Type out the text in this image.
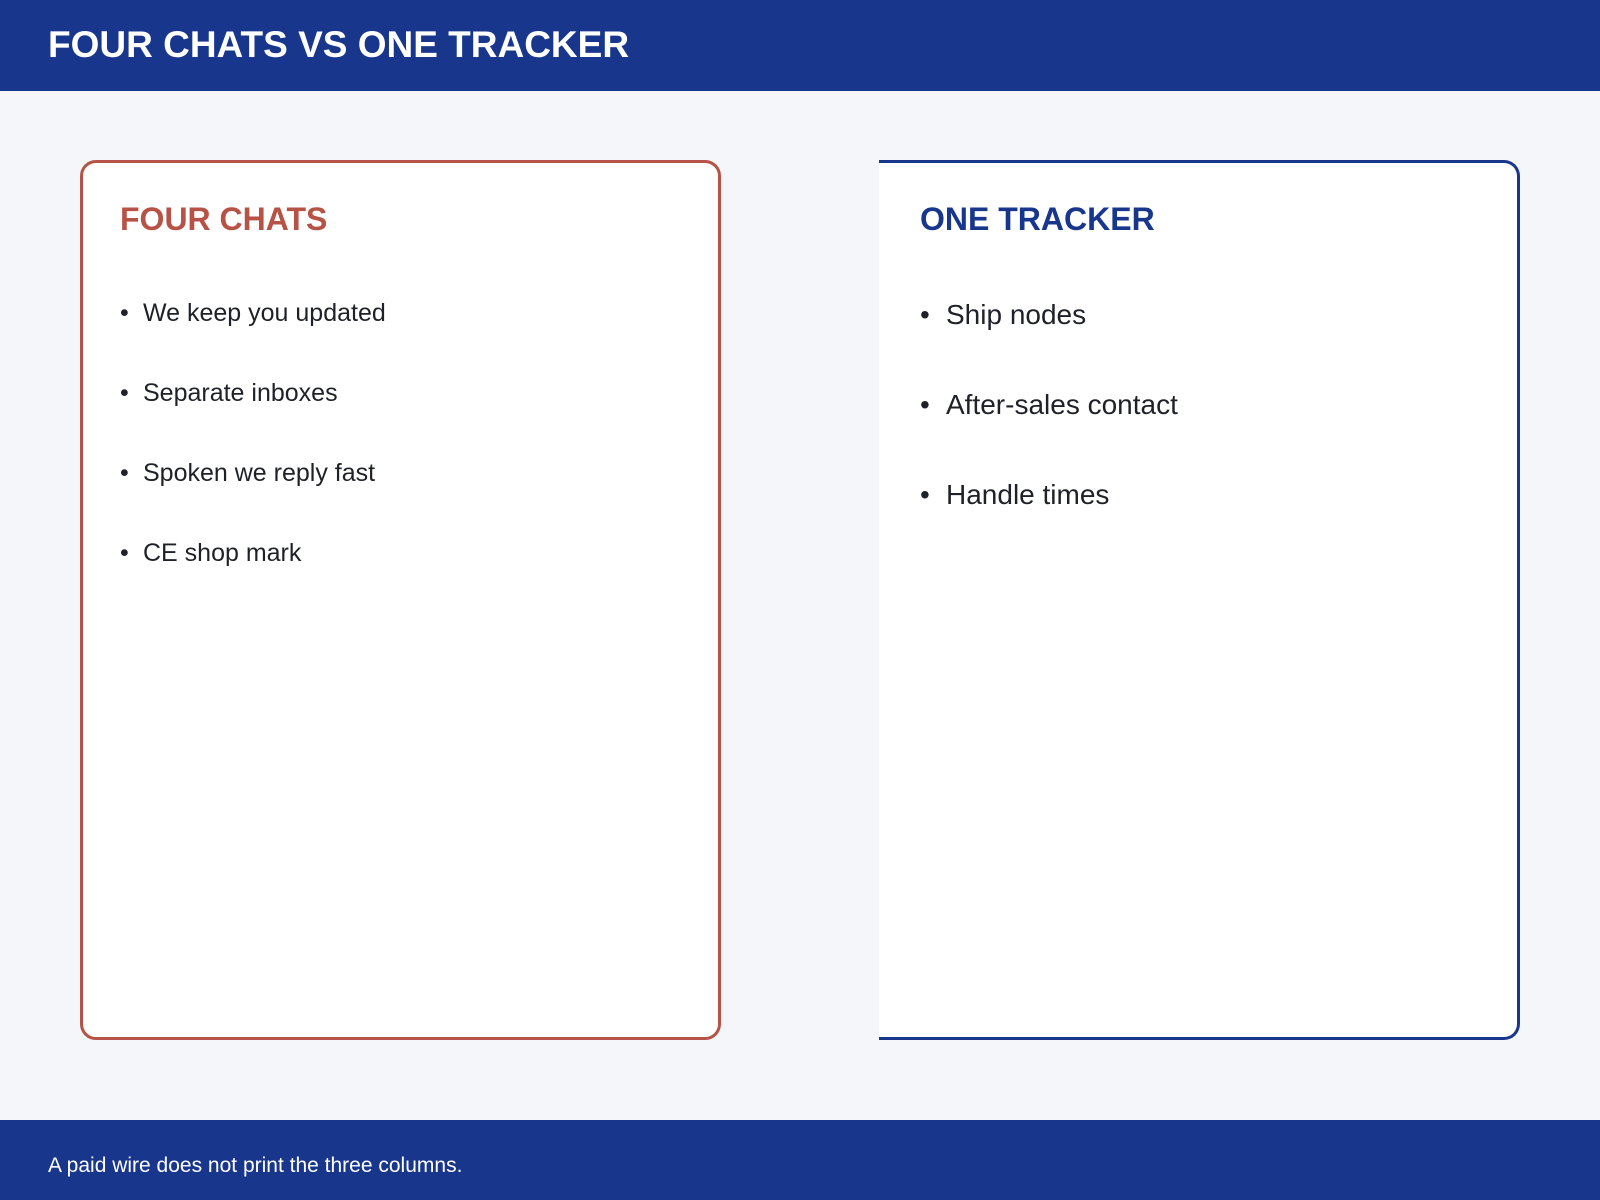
FOUR CHATS VS ONE TRACKER
FOUR CHATS
• We keep you updated
• Separate inboxes
• Spoken we reply fast
• CE shop mark
ONE TRACKER
• Ship nodes
• After-sales contact
• Handle times

A paid wire does not print the three columns.
